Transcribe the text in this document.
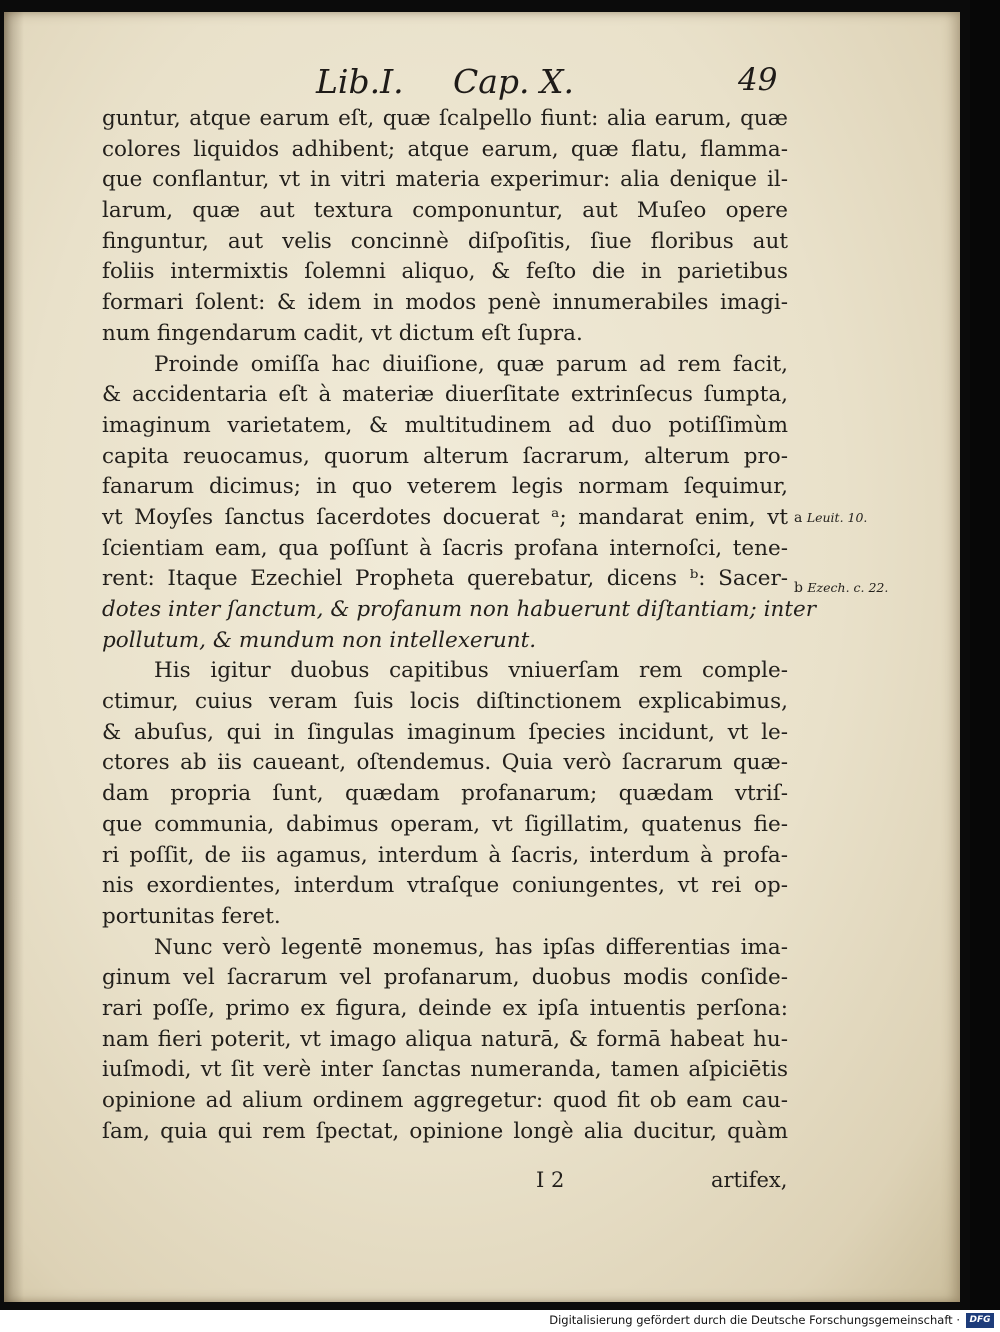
Lib.I. Cap. X.	49
guntur, atque earum eſt, quæ ſcalpello fiunt: alia earum, quæ
colores liquidos adhibent; atque earum, quæ flatu, flamma-
que conflantur, vt in vitri materia experimur: alia denique il-
larum, quæ aut textura componuntur, aut Muſeo opere
finguntur, aut velis concinnè diſpoſitis, ſiue floribus aut
foliis intermixtis ſolemni aliquo, & feſto die in parietibus
formari ſolent: & idem in modos penè innumerabiles imagi-
num fingendarum cadit, vt dictum eſt ſupra.
Proinde omiſſa hac diuiſione, quæ parum ad rem facit,
& accidentaria eſt à materiæ diuerſitate extrinſecus ſumpta,
imaginum varietatem, & multitudinem ad duo potiſſimùm
capita reuocamus, quorum alterum ſacrarum, alterum pro-
fanarum dicimus; in quo veterem legis normam ſequimur,
vt Moyſes ſanctus ſacerdotes docuerat ᵃ; mandarat enim, vt
ſcientiam eam, qua poſſunt à ſacris profana internoſci, tene-
rent: Itaque Ezechiel Propheta querebatur, dicens ᵇ: Sacer-
dotes inter ſanctum, & profanum non habuerunt diſtantiam; inter
pollutum, & mundum non intellexerunt.
His igitur duobus capitibus vniuerſam rem comple-
ctimur, cuius veram ſuis locis diſtinctionem explicabimus,
& abuſus, qui in ſingulas imaginum ſpecies incidunt, vt le-
ctores ab iis caueant, oſtendemus. Quia verò ſacrarum quæ-
dam propria ſunt, quædam profanarum; quædam vtriſ-
que communia, dabimus operam, vt ſigillatim, quatenus fie-
ri poſſit, de iis agamus, interdum à ſacris, interdum à profa-
nis exordientes, interdum vtraſque coniungentes, vt rei op-
portunitas feret.
Nunc verò legentē monemus, has ipſas differentias ima-
ginum vel ſacrarum vel profanarum, duobus modis conſide-
rari poſſe, primo ex figura, deinde ex ipſa intuentis perſona:
nam fieri poterit, vt imago aliqua naturā, & formā habeat hu-
iuſmodi, vt ſit verè inter ſanctas numeranda, tamen aſpiciētis
opinione ad alium ordinem aggregetur: quod fit ob eam cau-
ſam, quia qui rem ſpectat, opinione longè alia ducitur, quàm
a Leuit. 10.
b Ezech. c. 22.
I 2	artifex,
Digitalisierung gefördert durch die Deutsche Forschungsgemeinschaft ·	DFG
